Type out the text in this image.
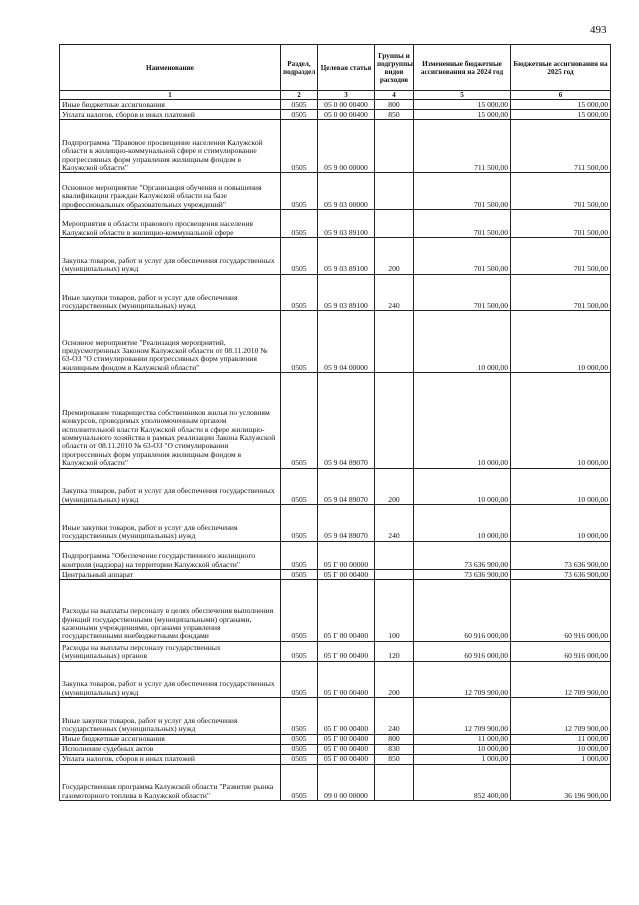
493
Наименование	Раздел, подраздел	Целевая статья	Группы и подгруппы видов расходов	Измененные бюджетные ассигнования на 2024 год	Бюджетные ассигнования на 2025 год
1	2	3	4	5	6
Иные бюджетные ассигнования	0505	05 0 00 00400	800	15 000,00	15 000,00
Уплата налогов, сборов и иных платежей	0505	05 0 00 00400	850	15 000,00	15 000,00
Подпрограмма "Правовое просвещение населения Калужской области в жилищно-коммунальной сфере и стимулирование прогрессивных форм управления жилищным фондом в Калужской области"	0505	05 9 00 00000		711 500,00	711 500,00
Основное мероприятие "Организация обучения и повышения квалификации граждан Калужской области на базе профессиональных образовательных учреждений"	0505	05 9 03 00000		701 500,00	701 500,00
Мероприятия в области правового просвещения населения Калужской области в жилищно-коммунальной сфере	0505	05 9 03 89100		701 500,00	701 500,00
Закупка товаров, работ и услуг для обеспечения государственных (муниципальных) нужд	0505	05 9 03 89100	200	701 500,00	701 500,00
Иные закупки товаров, работ и услуг для обеспечения государственных (муниципальных) нужд	0505	05 9 03 89100	240	701 500,00	701 500,00
Основное мероприятие "Реализация мероприятий, предусмотренных Законом Калужской области от 08.11.2010 № 63-ОЗ "О стимулировании прогрессивных форм управления жилищным фондом в Калужской области"	0505	05 9 04 00000		10 000,00	10 000,00
Премирование товарищества собственников жилья по условиям конкурсов, проводимых уполномоченным органом исполнительной власти Калужской области в сфере жилищно-коммунального хозяйства в рамках реализации Закона Калужской области от 08.11.2010 № 63-ОЗ "О стимулировании прогрессивных форм управления жилищным фондом в Калужской области"	0505	05 9 04 89070		10 000,00	10 000,00
Закупка товаров, работ и услуг для обеспечения государственных (муниципальных) нужд	0505	05 9 04 89070	200	10 000,00	10 000,00
Иные закупки товаров, работ и услуг для обеспечения государственных (муниципальных) нужд	0505	05 9 04 89070	240	10 000,00	10 000,00
Подпрограмма "Обеспечение государственного жилищного контроля (надзора) на территории Калужской области"	0505	05 Г 00 00000		73 636 900,00	73 636 900,00
Центральный аппарат	0505	05 Г 00 00400		73 636 900,00	73 636 900,00
Расходы на выплаты персоналу в целях обеспечения выполнения функций государственными (муниципальными) органами, казенными учреждениями, органами управления государственными внебюджетными фондами	0505	05 Г 00 00400	100	60 916 000,00	60 916 000,00
Расходы на выплаты персоналу государственных (муниципальных) органов	0505	05 Г 00 00400	120	60 916 000,00	60 916 000,00
Закупка товаров, работ и услуг для обеспечения государственных (муниципальных) нужд	0505	05 Г 00 00400	200	12 709 900,00	12 709 900,00
Иные закупки товаров, работ и услуг для обеспечения государственных (муниципальных) нужд	0505	05 Г 00 00400	240	12 709 900,00	12 709 900,00
Иные бюджетные ассигнования	0505	05 Г 00 00400	800	11 000,00	11 000,00
Исполнение судебных актов	0505	05 Г 00 00400	830	10 000,00	10 000,00
Уплата налогов, сборов и иных платежей	0505	05 Г 00 00400	850	1 000,00	1 000,00
Государственная программа Калужской области "Развитие рынка газомоторного топлива в Калужской области"	0505	09 0 00 00000		852 400,00	36 196 900,00
